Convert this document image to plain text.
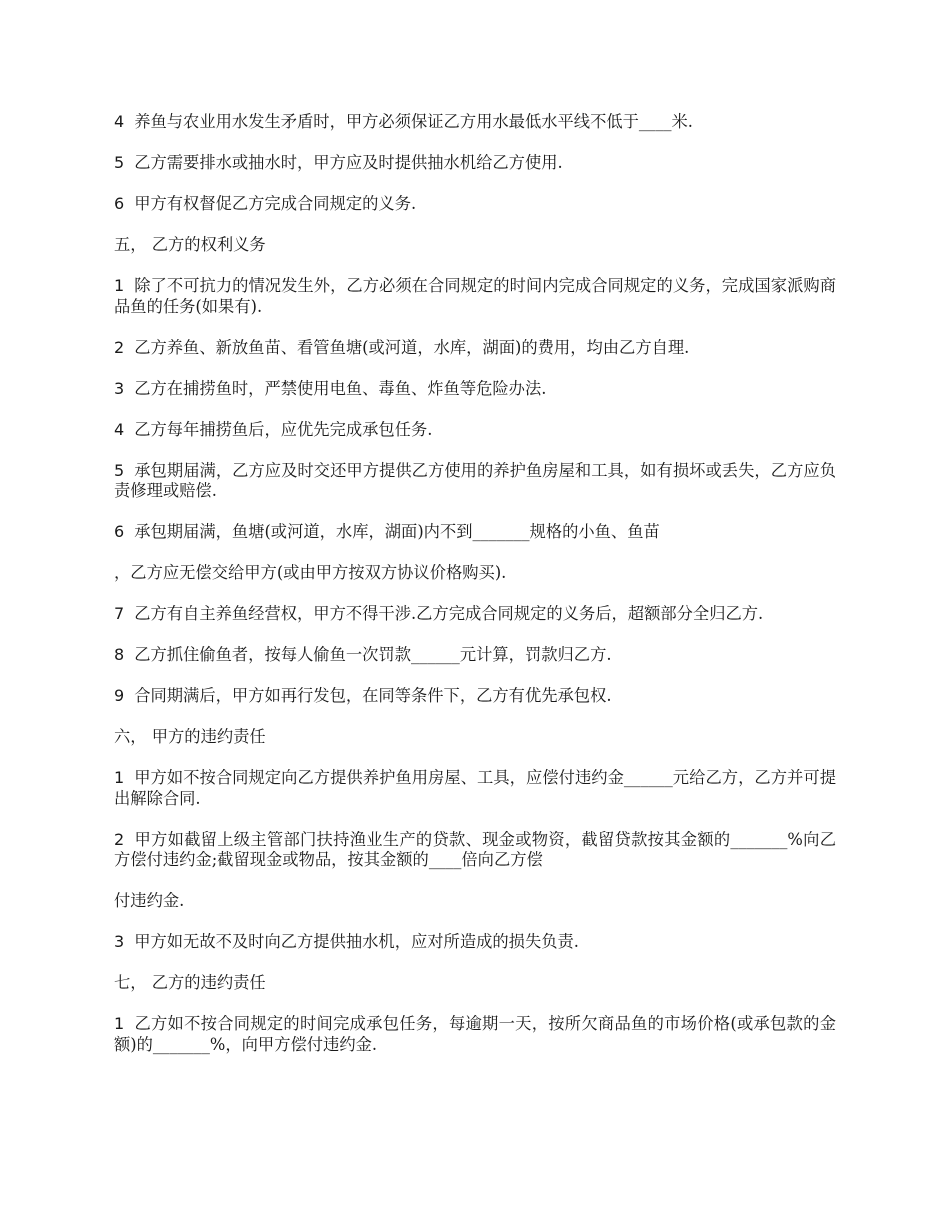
4 养鱼与农业用水发生矛盾时，甲方必须保证乙方用水最低水平线不低于____米.

5 乙方需要排水或抽水时，甲方应及时提供抽水机给乙方使用.

6 甲方有权督促乙方完成合同规定的义务.

五， 乙方的权利义务

1 除了不可抗力的情况发生外，乙方必须在合同规定的时间内完成合同规定的义务，完成国家派购商品鱼的任务(如果有).

2 乙方养鱼、新放鱼苗、看管鱼塘(或河道，水库，湖面)的费用，均由乙方自理.

3 乙方在捕捞鱼时，严禁使用电鱼、毒鱼、炸鱼等危险办法.

4 乙方每年捕捞鱼后，应优先完成承包任务.

5 承包期届满，乙方应及时交还甲方提供乙方使用的养护鱼房屋和工具，如有损坏或丢失，乙方应负责修理或赔偿.

6 承包期届满，鱼塘(或河道，水库，湖面)内不到_______规格的小鱼、鱼苗

，乙方应无偿交给甲方(或由甲方按双方协议价格购买).

7 乙方有自主养鱼经营权，甲方不得干涉.乙方完成合同规定的义务后，超额部分全归乙方.

8 乙方抓住偷鱼者，按每人偷鱼一次罚款______元计算，罚款归乙方.

9 合同期满后，甲方如再行发包，在同等条件下，乙方有优先承包权.

六， 甲方的违约责任

1 甲方如不按合同规定向乙方提供养护鱼用房屋、工具，应偿付违约金______元给乙方，乙方并可提出解除合同.

2 甲方如截留上级主管部门扶持渔业生产的贷款、现金或物资，截留贷款按其金额的_______%向乙方偿付违约金;截留现金或物品，按其金额的____倍向乙方偿

付违约金.

3 甲方如无故不及时向乙方提供抽水机，应对所造成的损失负责.

七， 乙方的违约责任

1 乙方如不按合同规定的时间完成承包任务，每逾期一天，按所欠商品鱼的市场价格(或承包款的金额)的_______%，向甲方偿付违约金.
